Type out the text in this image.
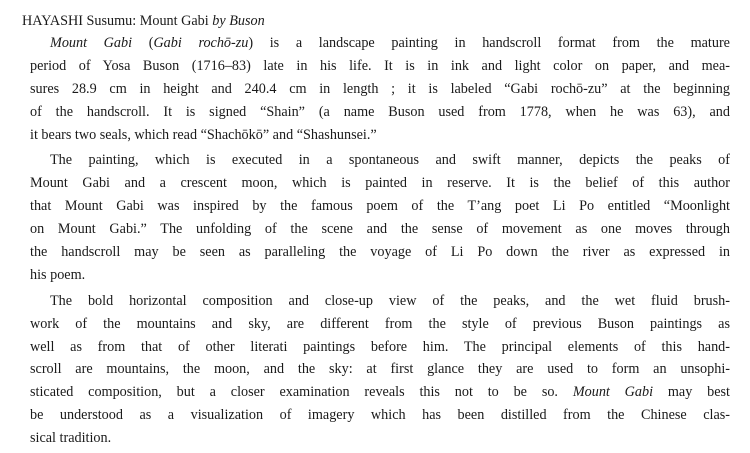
HAYASHI Susumu: Mount Gabi by Buson
Mount Gabi (Gabi rochō-zu) is a landscape painting in handscroll format from the mature
period of Yosa Buson (1716–83) late in his life. It is in ink and light color on paper, and mea-
sures 28.9 cm in height and 240.4 cm in length ; it is labeled “Gabi rochō-zu” at the beginning
of the handscroll. It is signed “Shain” (a name Buson used from 1778, when he was 63), and
it bears two seals, which read “Shachōkō” and “Shashunsei.”
The painting, which is executed in a spontaneous and swift manner, depicts the peaks of
Mount Gabi and a crescent moon, which is painted in reserve. It is the belief of this author
that Mount Gabi was inspired by the famous poem of the T’ang poet Li Po entitled “Moonlight
on Mount Gabi.” The unfolding of the scene and the sense of movement as one moves through
the handscroll may be seen as paralleling the voyage of Li Po down the river as expressed in
his poem.
The bold horizontal composition and close-up view of the peaks, and the wet fluid brush-
work of the mountains and sky, are different from the style of previous Buson paintings as
well as from that of other literati paintings before him. The principal elements of this hand-
scroll are mountains, the moon, and the sky: at first glance they are used to form an unsophi-
sticated composition, but a closer examination reveals this not to be so. Mount Gabi may best
be understood as a visualization of imagery which has been distilled from the Chinese clas-
sical tradition.
